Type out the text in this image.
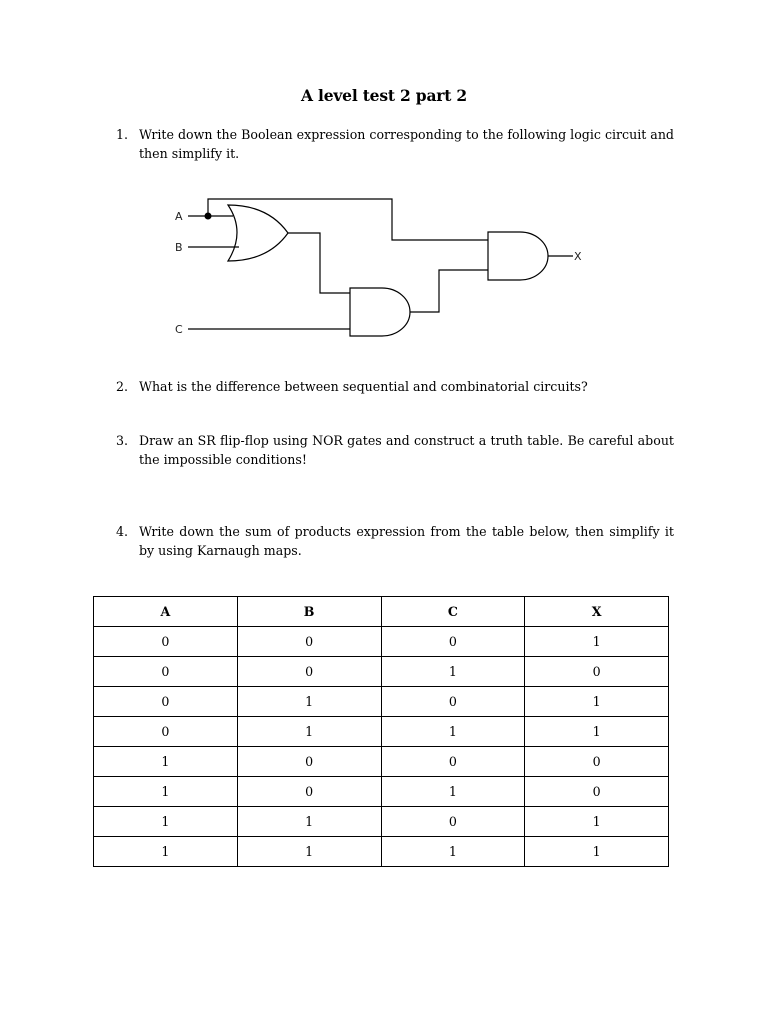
A level test 2 part 2
1. Write down the Boolean expression corresponding to the following logic circuit and then simplify it.
A
B
C
X
2. What is the difference between sequential and combinatorial circuits?
3. Draw an SR flip-flop using NOR gates and construct a truth table. Be careful about the impossible conditions!
4. Write down the sum of products expression from the table below, then simplify it by using Karnaugh maps.
A	B	C	X
0	0	0	1
0	0	1	0
0	1	0	1
0	1	1	1
1	0	0	0
1	0	1	0
1	1	0	1
1	1	1	1
